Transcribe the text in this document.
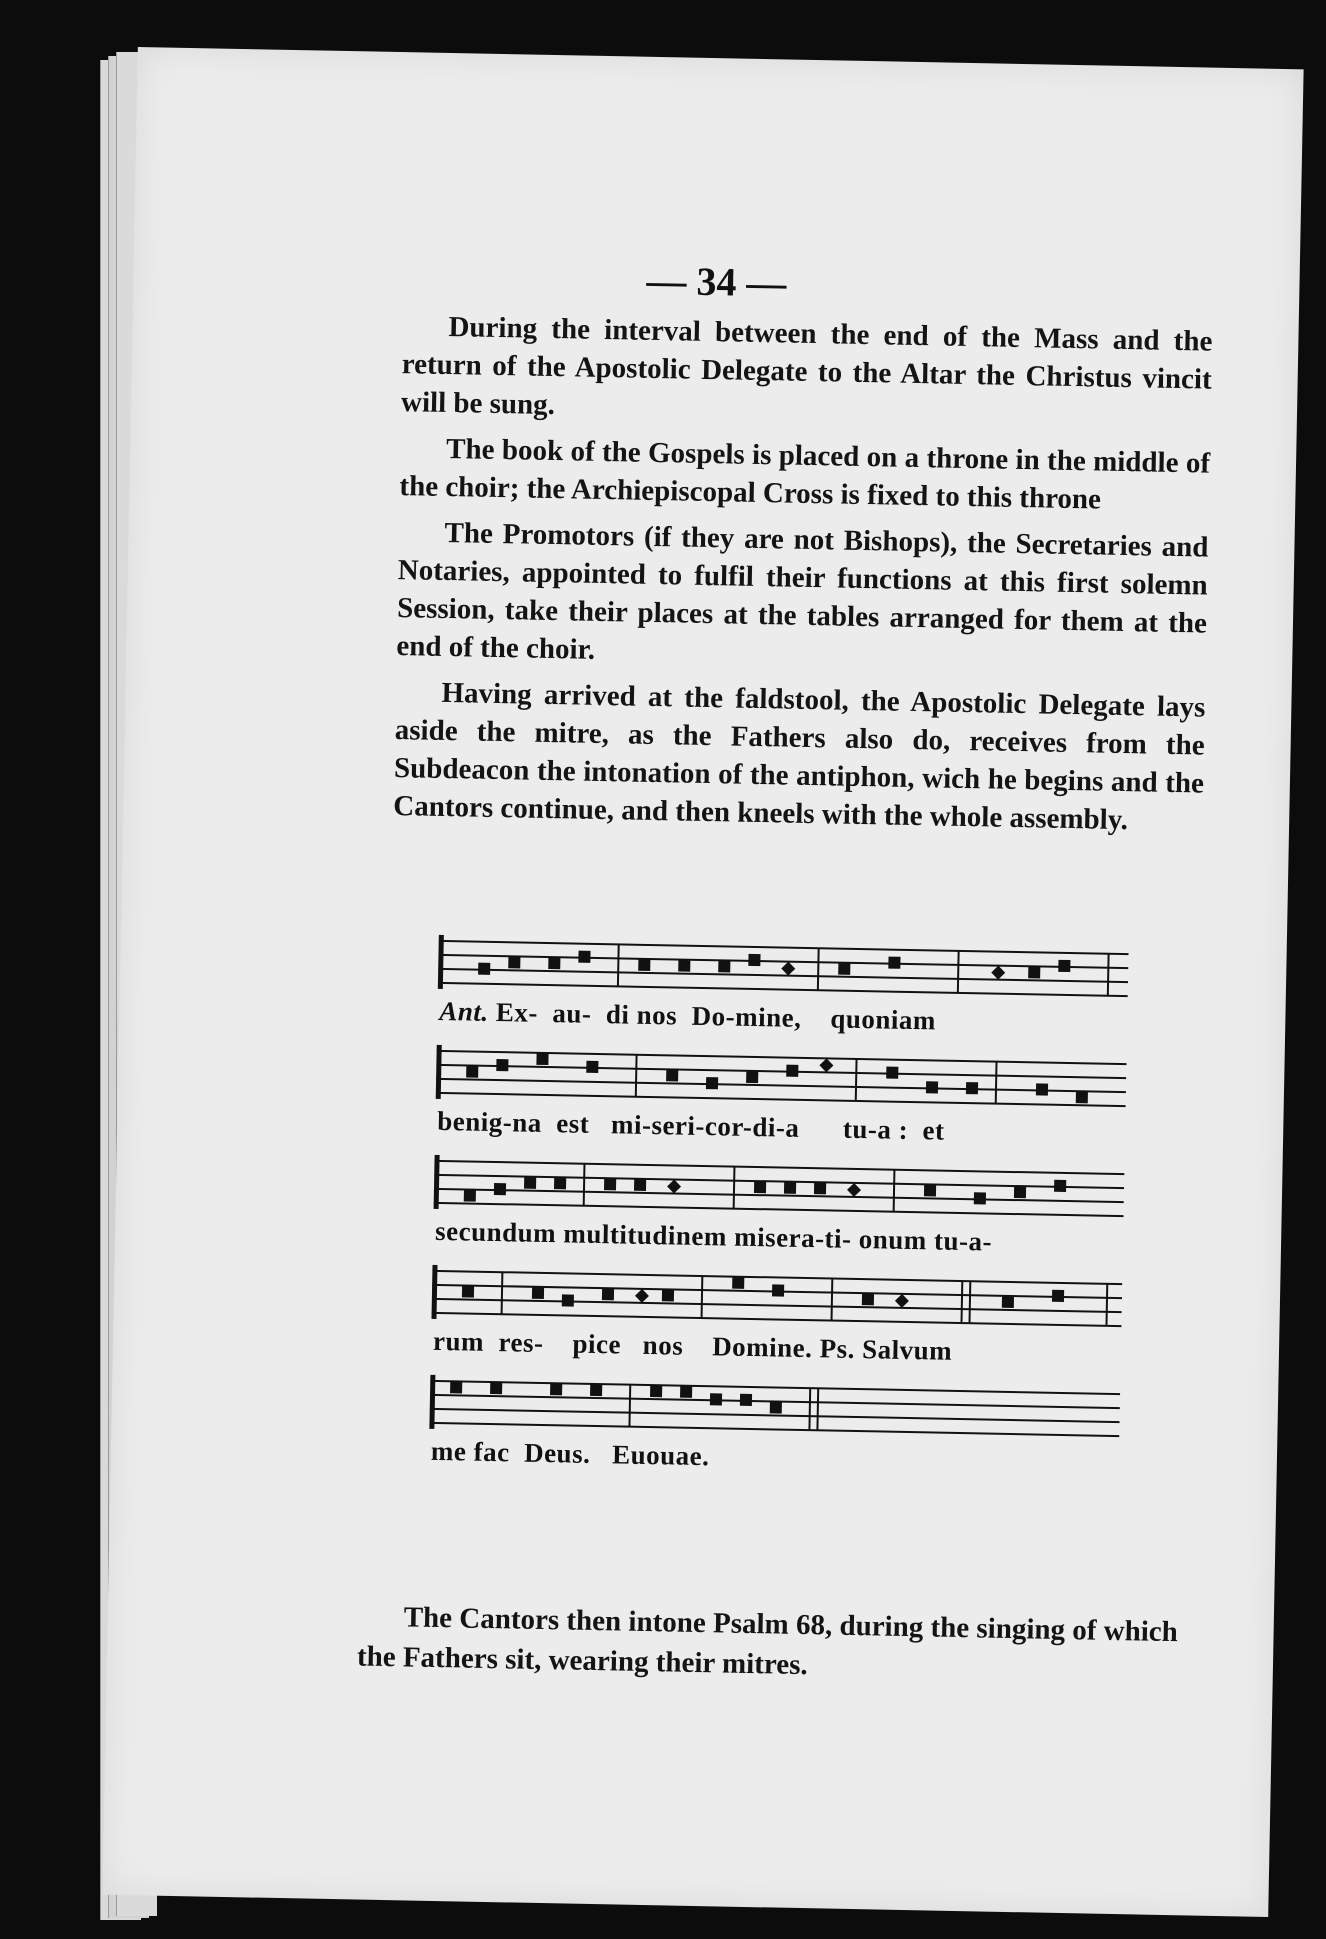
— 34 —

During the interval between the end of the Mass and the return of the Apostolic Delegate to the Altar the Christus vincit will be sung.

The book of the Gospels is placed on a throne in the middle of the choir; the Archiepiscopal Cross is fixed to this throne

The Promotors (if they are not Bishops), the Secretaries and Notaries, appointed to fulfil their functions at this first solemn Session, take their places at the tables arranged for them at the end of the choir.

Having arrived at the faldstool, the Apostolic Delegate lays aside the mitre, as the Fathers also do, receives from the Subdeacon the intonation of the antiphon, wich he begins and the Cantors continue, and then kneels with the whole assembly.

Ant. Ex-  au-  di nos  Do-mine,    quoniam
benig-na  est   mi-seri-cor-di-a      tu-a :  et
secundum multitudinem misera-ti- onum tu-a-
rum  res-    pice   nos    Domine. Ps. Salvum
me fac  Deus.   Euouae.
The Cantors then intone Psalm 68, during the singing of which the Fathers sit, wearing their mitres.
